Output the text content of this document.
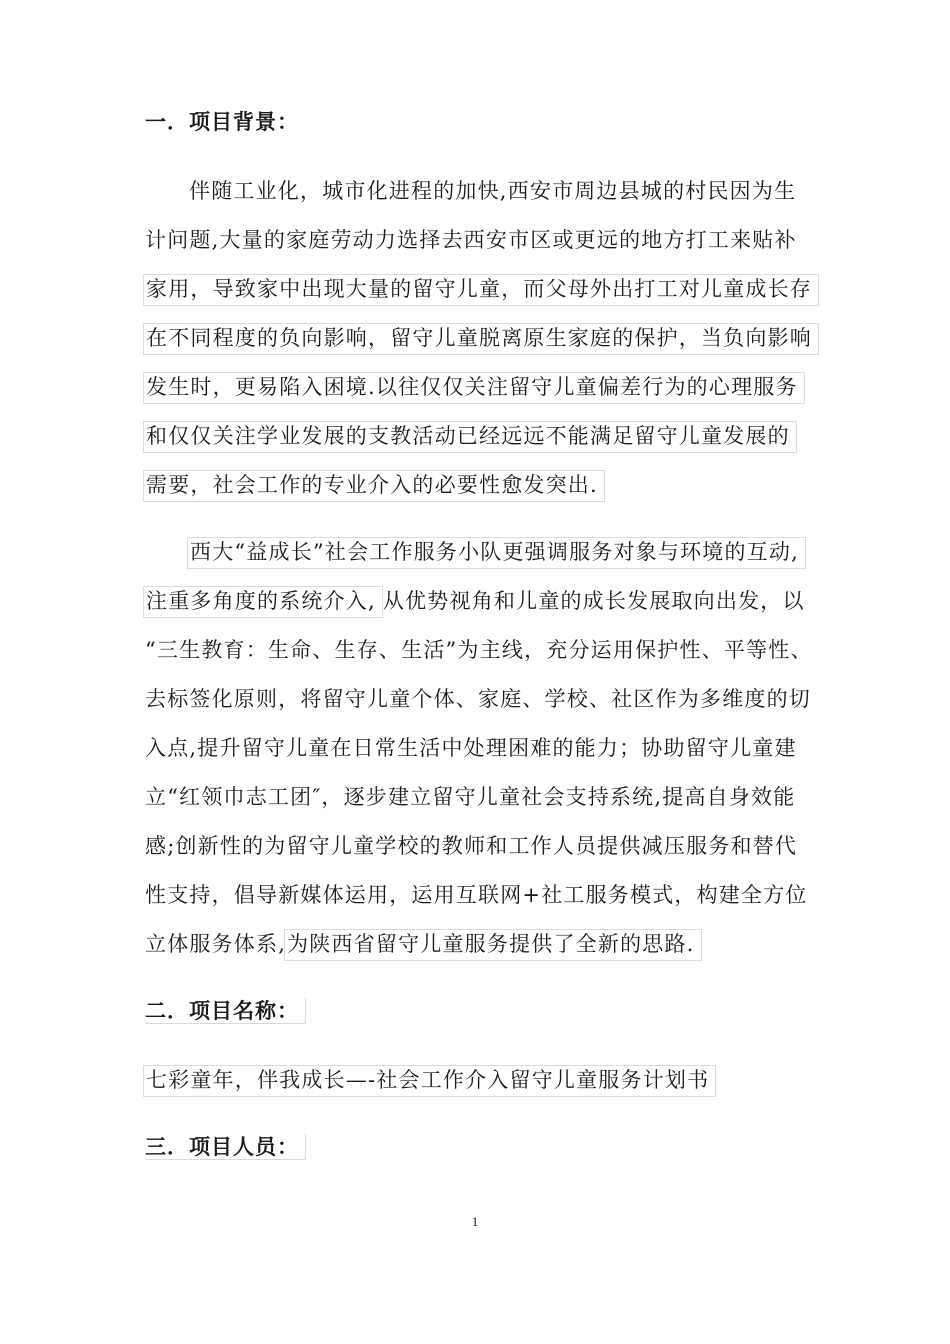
一．项目背景：
伴随工业化，城市化进程的加快,西安市周边县城的村民因为生
计问题,大量的家庭劳动力选择去西安市区或更远的地方打工来贴补
家用，导致家中出现大量的留守儿童，而父母外出打工对儿童成长存
在不同程度的负向影响，留守儿童脱离原生家庭的保护，当负向影响
发生时，更易陷入困境.以往仅仅关注留守儿童偏差行为的心理服务
和仅仅关注学业发展的支教活动已经远远不能满足留守儿童发展的
需要，社会工作的专业介入的必要性愈发突出.
西大“益成长”社会工作服务小队更强调服务对象与环境的互动,
注重多角度的系统介入, 从优势视角和儿童的成长发展取向出发，以
“三生教育：生命、生存、生活”为主线，充分运用保护性、平等性、
去标签化原则，将留守儿童个体、家庭、学校、社区作为多维度的切
入点,提升留守儿童在日常生活中处理困难的能力；协助留守儿童建
立“红领巾志工团″，逐步建立留守儿童社会支持系统,提高自身效能
感;创新性的为留守儿童学校的教师和工作人员提供减压服务和替代
性支持，倡导新媒体运用，运用互联网+社工服务模式，构建全方位
立体服务体系,为陕西省留守儿童服务提供了全新的思路.
二．项目名称：
七彩童年，伴我成长—-社会工作介入留守儿童服务计划书
三．项目人员：
1
